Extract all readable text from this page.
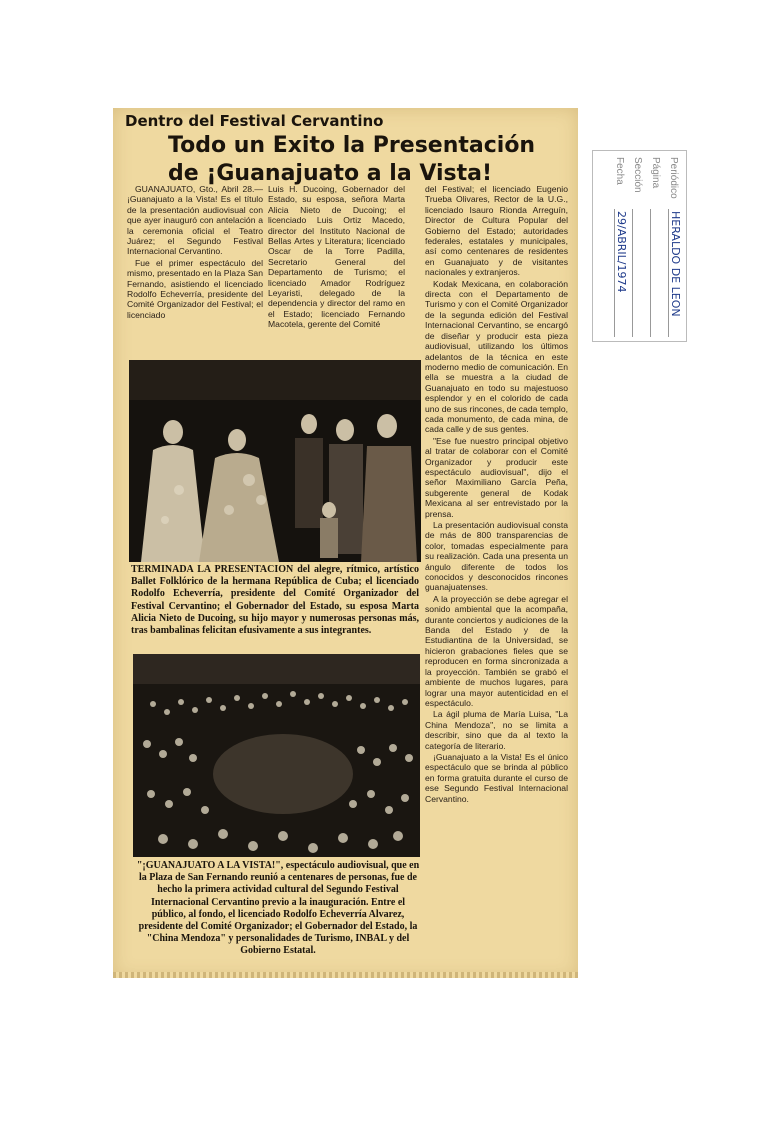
Dentro del Festival Cervantino
Todo un Exito la Presentación
de ¡Guanajuato a la Vista!

GUANAJUATO, Gto., Abril 28.— ¡Guanajuato a la Vista! Es el título de la presentación audiovisual con que ayer inauguró con antelación a la ceremonia oficial el Teatro Juárez; el Segundo Festival Internacional Cervantino.

Fue el primer espectáculo del mismo, presentado en la Plaza San Fernando, asistiendo el licenciado Rodolfo Echeverría, presidente del Comité Organizador del Festival; el licenciado

Luis H. Ducoing, Gobernador del Estado, su esposa, señora Marta Alicia Nieto de Ducoing; el licenciado Luis Ortiz Macedo, director del Instituto Nacional de Bellas Artes y Literatura; licenciado Oscar de la Torre Padilla, Secretario General del Departamento de Turismo; el licenciado Amador Rodríguez Leyaristi, delegado de la dependencia y director del ramo en el Estado; licenciado Fernando Macotela, gerente del Comité

del Festival; el licenciado Eugenio Trueba Olivares, Rector de la U.G., licenciado Isauro Rionda Arreguín, Director de Cultura Popular del Gobierno del Estado; autoridades federales, estatales y municipales, así como centenares de residentes en Guanajuato y de visitantes nacionales y extranjeros.

Kodak Mexicana, en colaboración directa con el Departamento de Turismo y con el Comité Organizador de la segunda edición del Festival Internacional Cervantino, se encargó de diseñar y producir esta pieza audiovisual, utilizando los últimos adelantos de la técnica en este moderno medio de comunicación. En ella se muestra a la ciudad de Guanajuato en todo su majestuoso esplendor y en el colorido de cada uno de sus rincones, de cada templo, cada monumento, de cada mina, de cada calle y de sus gentes.

"Ese fue nuestro principal objetivo al tratar de colaborar con el Comité Organizador y producir este espectáculo audiovisual", dijo el señor Maximiliano García Peña, subgerente general de Kodak Mexicana al ser entrevistado por la prensa.

La presentación audiovisual consta de más de 800 transparencias de color, tomadas especialmente para su realización. Cada una presenta un ángulo diferente de todos los conocidos y desconocidos rincones guanajuatenses.

A la proyección se debe agregar el sonido ambiental que la acompaña, durante conciertos y audiciones de la Banda del Estado y de la Estudiantina de la Universidad, se hicieron grabaciones fieles que se reproducen en forma sincronizada a la proyección. También se grabó el ambiente de muchos lugares, para lograr una mayor autenticidad en el espectáculo.

La ágil pluma de María Luisa, "La China Mendoza", no se limita a describir, sino que da al texto la categoría de literario.

¡Guanajuato a la Vista! Es el único espectáculo que se brinda al público en forma gratuita durante el curso de ese Segundo Festival Internacional Cervantino.

TERMINADA LA PRESENTACION del alegre, rítmico, artístico Ballet Folklórico de la hermana República de Cuba; el licenciado Rodolfo Echeverría, presidente del Comité Organizador del Festival Cervantino; el Gobernador del Estado, su esposa Marta Alicia Nieto de Ducoing, su hijo mayor y numerosas personas más, tras bambalinas felicitan efusivamente a sus integrantes.
"¡GUANAJUATO A LA VISTA!", espectáculo audiovisual, que en la Plaza de San Fernando reunió a centenares de personas, fue de hecho la primera actividad cultural del Segundo Festival Internacional Cervantino previo a la inauguración. Entre el público, al fondo, el licenciado Rodolfo Echeverría Alvarez, presidente del Comité Organizador; el Gobernador del Estado, la "China Mendoza" y personalidades de Turismo, INBAL y del Gobierno Estatal.
Periódico
HERALDO DE LEON
Página
Sección
Fecha
29/ABRIL/1974
